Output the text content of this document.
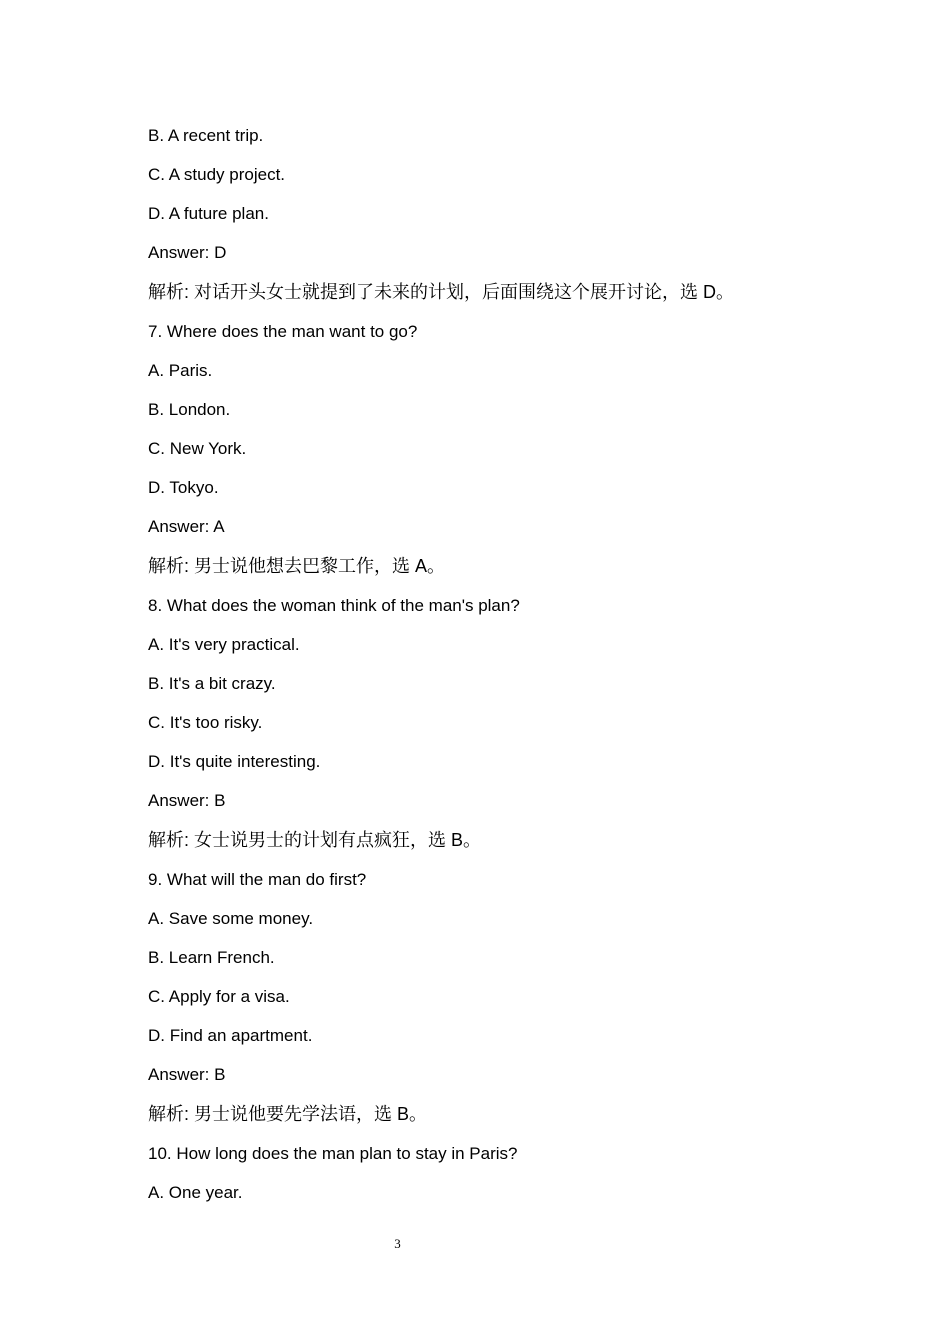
B. A recent trip.
C. A study project.
D. A future plan.
Answer: D
解析: 对话开头女士就提到了未来的计划，后面围绕这个展开讨论，选 D。
7. Where does the man want to go?
A. Paris.
B. London.
C. New York.
D. Tokyo.
Answer: A
解析: 男士说他想去巴黎工作，选 A。
8. What does the woman think of the man's plan?
A. It's very practical.
B. It's a bit crazy.
C. It's too risky.
D. It's quite interesting.
Answer: B
解析: 女士说男士的计划有点疯狂，选 B。
9. What will the man do first?
A. Save some money.
B. Learn French.
C. Apply for a visa.
D. Find an apartment.
Answer: B
解析: 男士说他要先学法语，选 B。
10. How long does the man plan to stay in Paris?
A. One year.
3
